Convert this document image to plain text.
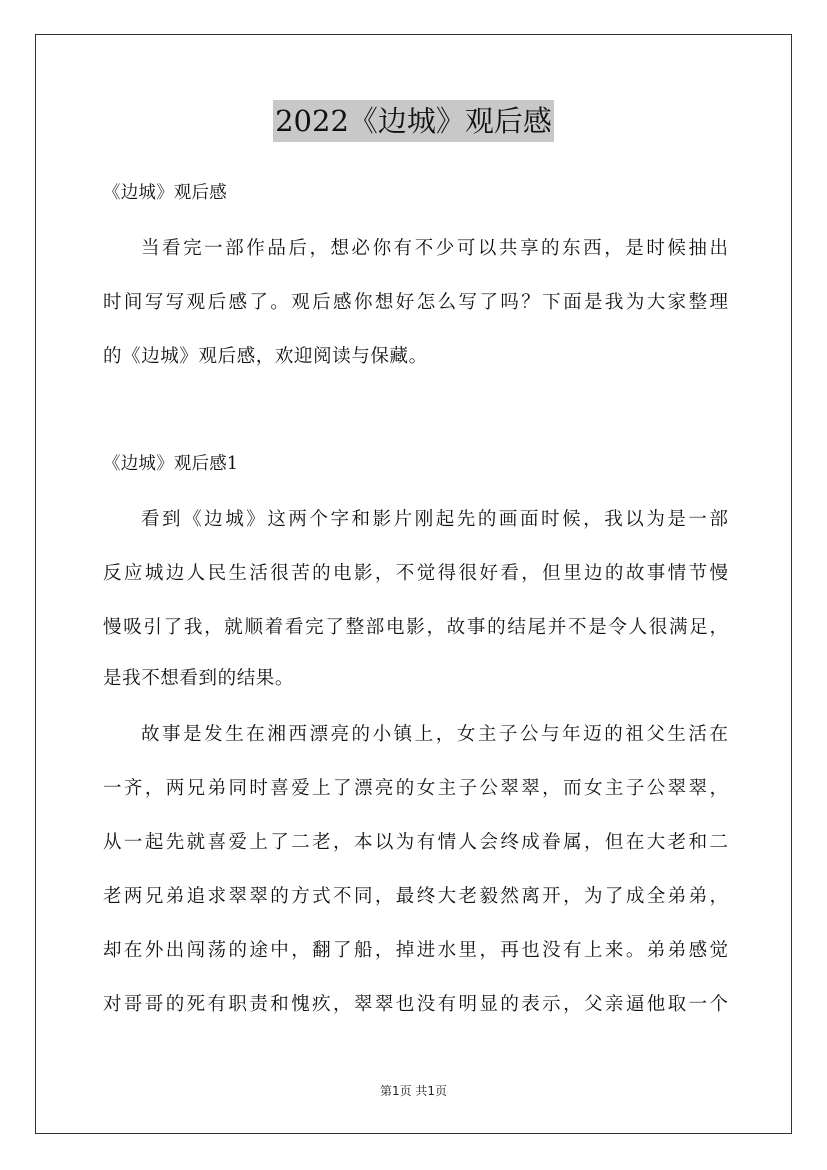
2022《边城》观后感
《边城》观后感
当看完一部作品后，想必你有不少可以共享的东西，是时候抽出
时间写写观后感了。观后感你想好怎么写了吗？下面是我为大家整理
的《边城》观后感，欢迎阅读与保藏。
《边城》观后感1
看到《边城》这两个字和影片刚起先的画面时候，我以为是一部
反应城边人民生活很苦的电影，不觉得很好看，但里边的故事情节慢
慢吸引了我，就顺着看完了整部电影，故事的结尾并不是令人很满足，
是我不想看到的结果。
故事是发生在湘西漂亮的小镇上，女主子公与年迈的祖父生活在
一齐，两兄弟同时喜爱上了漂亮的女主子公翠翠，而女主子公翠翠，
从一起先就喜爱上了二老，本以为有情人会终成眷属，但在大老和二
老两兄弟追求翠翠的方式不同，最终大老毅然离开，为了成全弟弟，
却在外出闯荡的途中，翻了船，掉进水里，再也没有上来。弟弟感觉
对哥哥的死有职责和愧疚，翠翠也没有明显的表示，父亲逼他取一个
第1页 共1页
